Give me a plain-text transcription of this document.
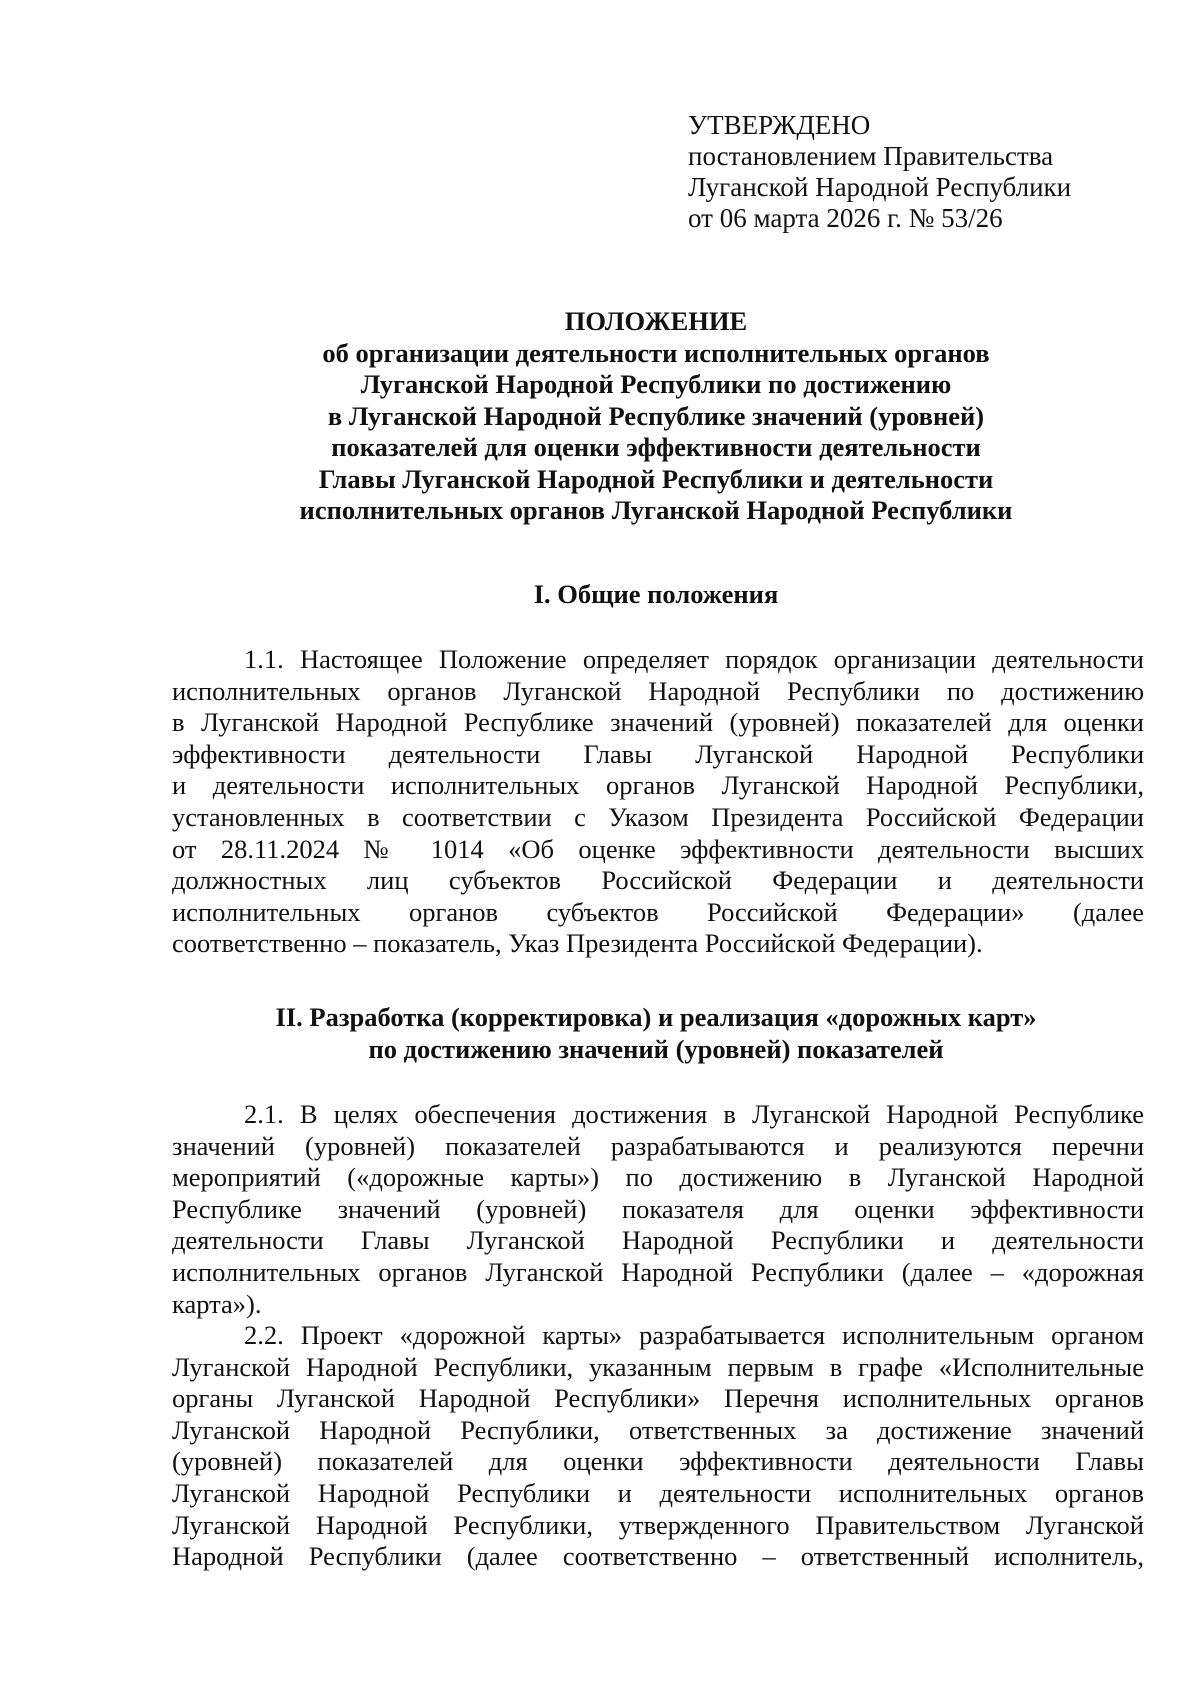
УТВЕРЖДЕНО
постановлением Правительства
Луганской Народной Республики
от 06 марта 2026 г. № 53/26
ПОЛОЖЕНИЕ
об организации деятельности исполнительных органов
Луганской Народной Республики по достижению
в Луганской Народной Республике значений (уровней)
показателей для оценки эффективности деятельности
Главы Луганской Народной Республики и деятельности
исполнительных органов Луганской Народной Республики
I. Общие положения
1.1. Настоящее Положение определяет порядок организации деятельности
исполнительных органов Луганской Народной Республики по достижению
в Луганской Народной Республике значений (уровней) показателей для оценки
эффективности деятельности Главы Луганской Народной Республики
и деятельности исполнительных органов Луганской Народной Республики,
установленных в соответствии с Указом Президента Российской Федерации
от 28.11.2024 № 1014 «Об оценке эффективности деятельности высших
должностных лиц субъектов Российской Федерации и деятельности
исполнительных органов субъектов Российской Федерации» (далее
соответственно – показатель, Указ Президента Российской Федерации).
II. Разработка (корректировка) и реализация «дорожных карт»
по достижению значений (уровней) показателей
2.1. В целях обеспечения достижения в Луганской Народной Республике
значений (уровней) показателей разрабатываются и реализуются перечни
мероприятий («дорожные карты») по достижению в Луганской Народной
Республике значений (уровней) показателя для оценки эффективности
деятельности Главы Луганской Народной Республики и деятельности
исполнительных органов Луганской Народной Республики (далее – «дорожная
карта»).
2.2. Проект «дорожной карты» разрабатывается исполнительным органом
Луганской Народной Республики, указанным первым в графе «Исполнительные
органы Луганской Народной Республики» Перечня исполнительных органов
Луганской Народной Республики, ответственных за достижение значений
(уровней) показателей для оценки эффективности деятельности Главы
Луганской Народной Республики и деятельности исполнительных органов
Луганской Народной Республики, утвержденного Правительством Луганской
Народной Республики (далее соответственно – ответственный исполнитель,
